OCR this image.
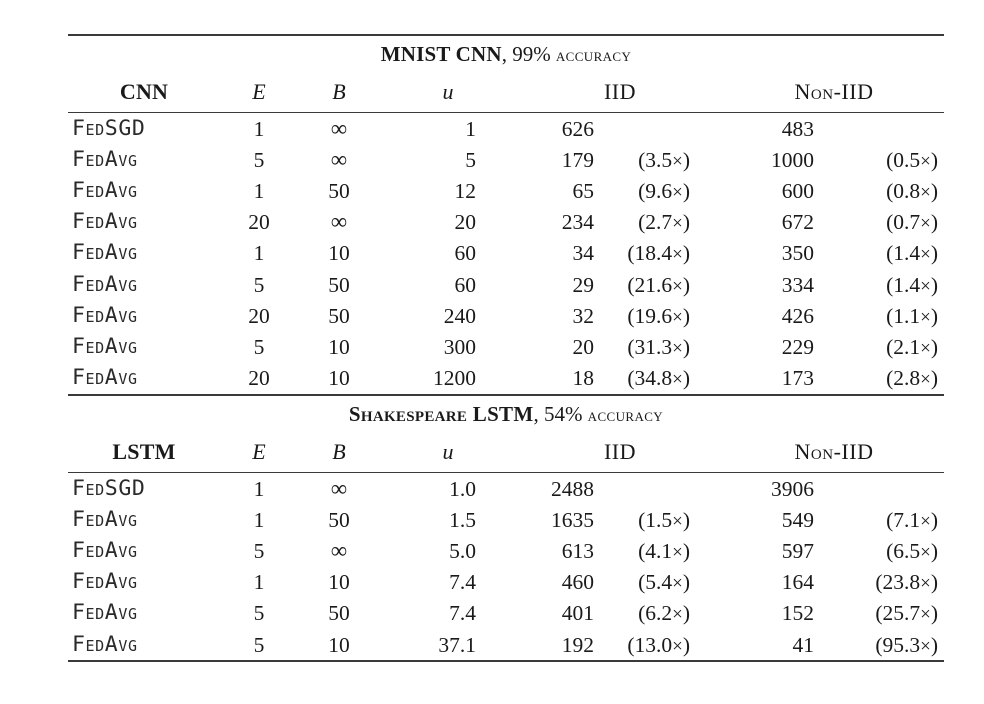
MNIST CNN, 99% accuracy							
CNN	E	B	u	IID		Non-IID	

FedSGD	1	∞	1	626		483	
FedAvg	5	∞	5	179	(3.5×)	1000	(0.5×)
FedAvg	1	50	12	65	(9.6×)	600	(0.8×)
FedAvg	20	∞	20	234	(2.7×)	672	(0.7×)
FedAvg	1	10	60	34	(18.4×)	350	(1.4×)
FedAvg	5	50	60	29	(21.6×)	334	(1.4×)
FedAvg	20	50	240	32	(19.6×)	426	(1.1×)
FedAvg	5	10	300	20	(31.3×)	229	(2.1×)
FedAvg	20	10	1200	18	(34.8×)	173	(2.8×)

Shakespeare LSTM, 54% accuracy							
LSTM	E	B	u	IID		Non-IID	

FedSGD	1	∞	1.0	2488		3906	
FedAvg	1	50	1.5	1635	(1.5×)	549	(7.1×)
FedAvg	5	∞	5.0	613	(4.1×)	597	(6.5×)
FedAvg	1	10	7.4	460	(5.4×)	164	(23.8×)
FedAvg	5	50	7.4	401	(6.2×)	152	(25.7×)
FedAvg	5	10	37.1	192	(13.0×)	41	(95.3×)
